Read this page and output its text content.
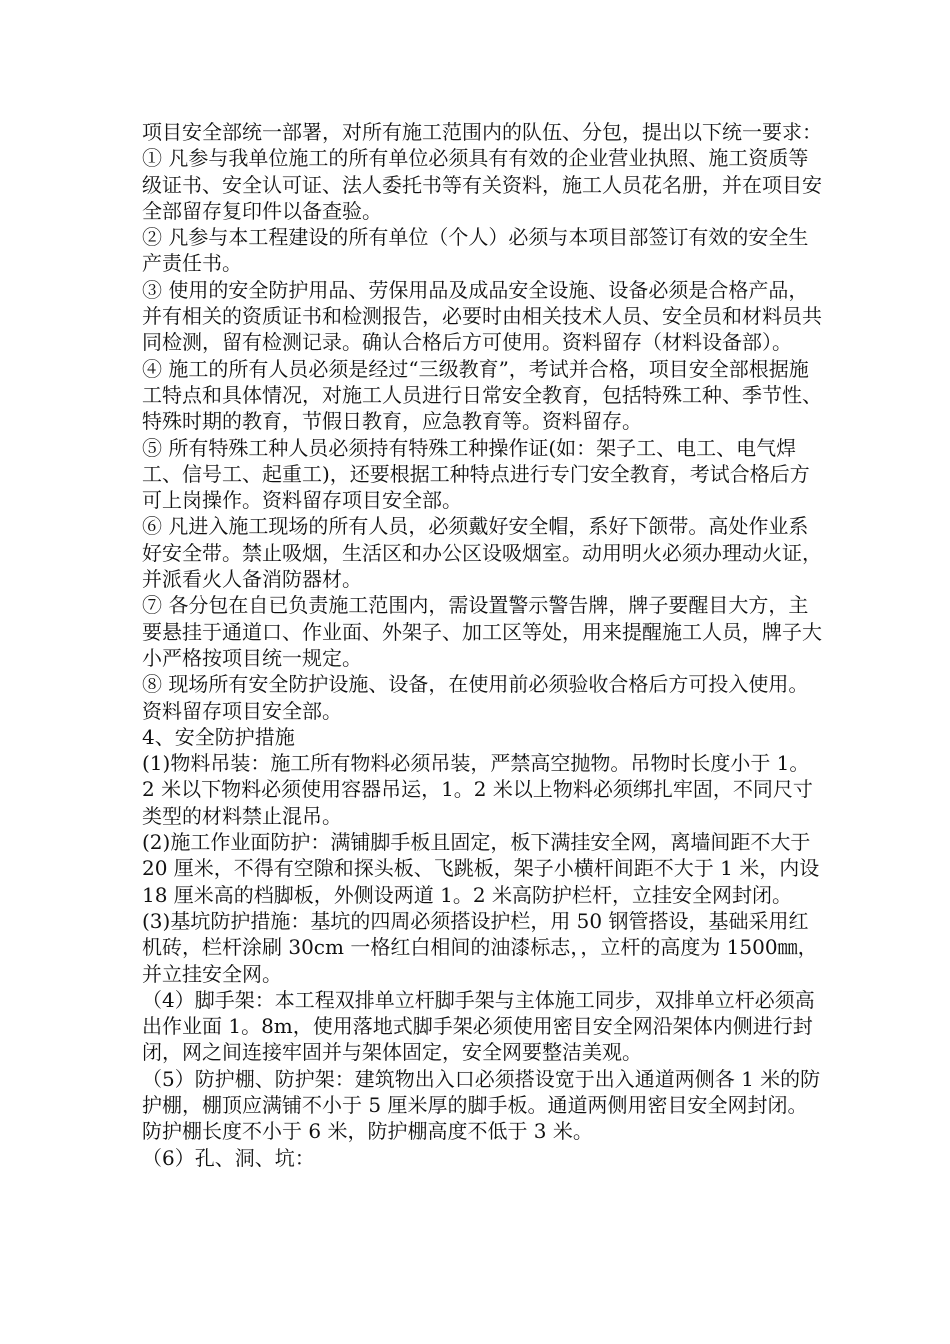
项目安全部统一部署，对所有施工范围内的队伍、分包，提出以下统一要求：

① 凡参与我单位施工的所有单位必须具有有效的企业营业执照、施工资质等级证书、安全认可证、法人委托书等有关资料，施工人员花名册，并在项目安全部留存复印件以备查验。

② 凡参与本工程建设的所有单位（个人）必须与本项目部签订有效的安全生产责任书。

③ 使用的安全防护用品、劳保用品及成品安全设施、设备必须是合格产品，并有相关的资质证书和检测报告，必要时由相关技术人员、安全员和材料员共同检测，留有检测记录。确认合格后方可使用。资料留存（材料设备部）。

④ 施工的所有人员必须是经过“三级教育”，考试并合格，项目安全部根据施工特点和具体情况，对施工人员进行日常安全教育，包括特殊工种、季节性、特殊时期的教育，节假日教育，应急教育等。资料留存。

⑤ 所有特殊工种人员必须持有特殊工种操作证(如：架子工、电工、电气焊工、信号工、起重工)，还要根据工种特点进行专门安全教育，考试合格后方可上岗操作。资料留存项目安全部。

⑥ 凡进入施工现场的所有人员，必须戴好安全帽，系好下颌带。高处作业系好安全带。禁止吸烟，生活区和办公区设吸烟室。动用明火必须办理动火证，并派看火人备消防器材。

⑦ 各分包在自已负责施工范围内，需设置警示警告牌，牌子要醒目大方，主要悬挂于通道口、作业面、外架子、加工区等处，用来提醒施工人员，牌子大小严格按项目统一规定。

⑧ 现场所有安全防护设施、设备，在使用前必须验收合格后方可投入使用。资料留存项目安全部。

4、安全防护措施

(1)物料吊装：施工所有物料必须吊装，严禁高空抛物。吊物时长度小于 1。2 米以下物料必须使用容器吊运，1。2 米以上物料必须绑扎牢固，不同尺寸类型的材料禁止混吊。

(2)施工作业面防护：满铺脚手板且固定，板下满挂安全网，离墙间距不大于 20 厘米，不得有空隙和探头板、飞跳板，架子小横杆间距不大于 1 米，内设 18 厘米高的档脚板，外侧设两道 1。2 米高防护栏杆，立挂安全网封闭。

(3)基坑防护措施：基坑的四周必须搭设护栏，用 50 钢管搭设，基础采用红机砖，栏杆涂刷 30cm 一格红白相间的油漆标志，，立杆的高度为 1500㎜，并立挂安全网。

（4）脚手架：本工程双排单立杆脚手架与主体施工同步，双排单立杆必须高出作业面 1。8m，使用落地式脚手架必须使用密目安全网沿架体内侧进行封闭，网之间连接牢固并与架体固定，安全网要整洁美观。

（5）防护棚、防护架：建筑物出入口必须搭设宽于出入通道两侧各 1 米的防护棚，棚顶应满铺不小于 5 厘米厚的脚手板。通道两侧用密目安全网封闭。防护棚长度不小于 6 米，防护棚高度不低于 3 米。

（6）孔、洞、坑：
